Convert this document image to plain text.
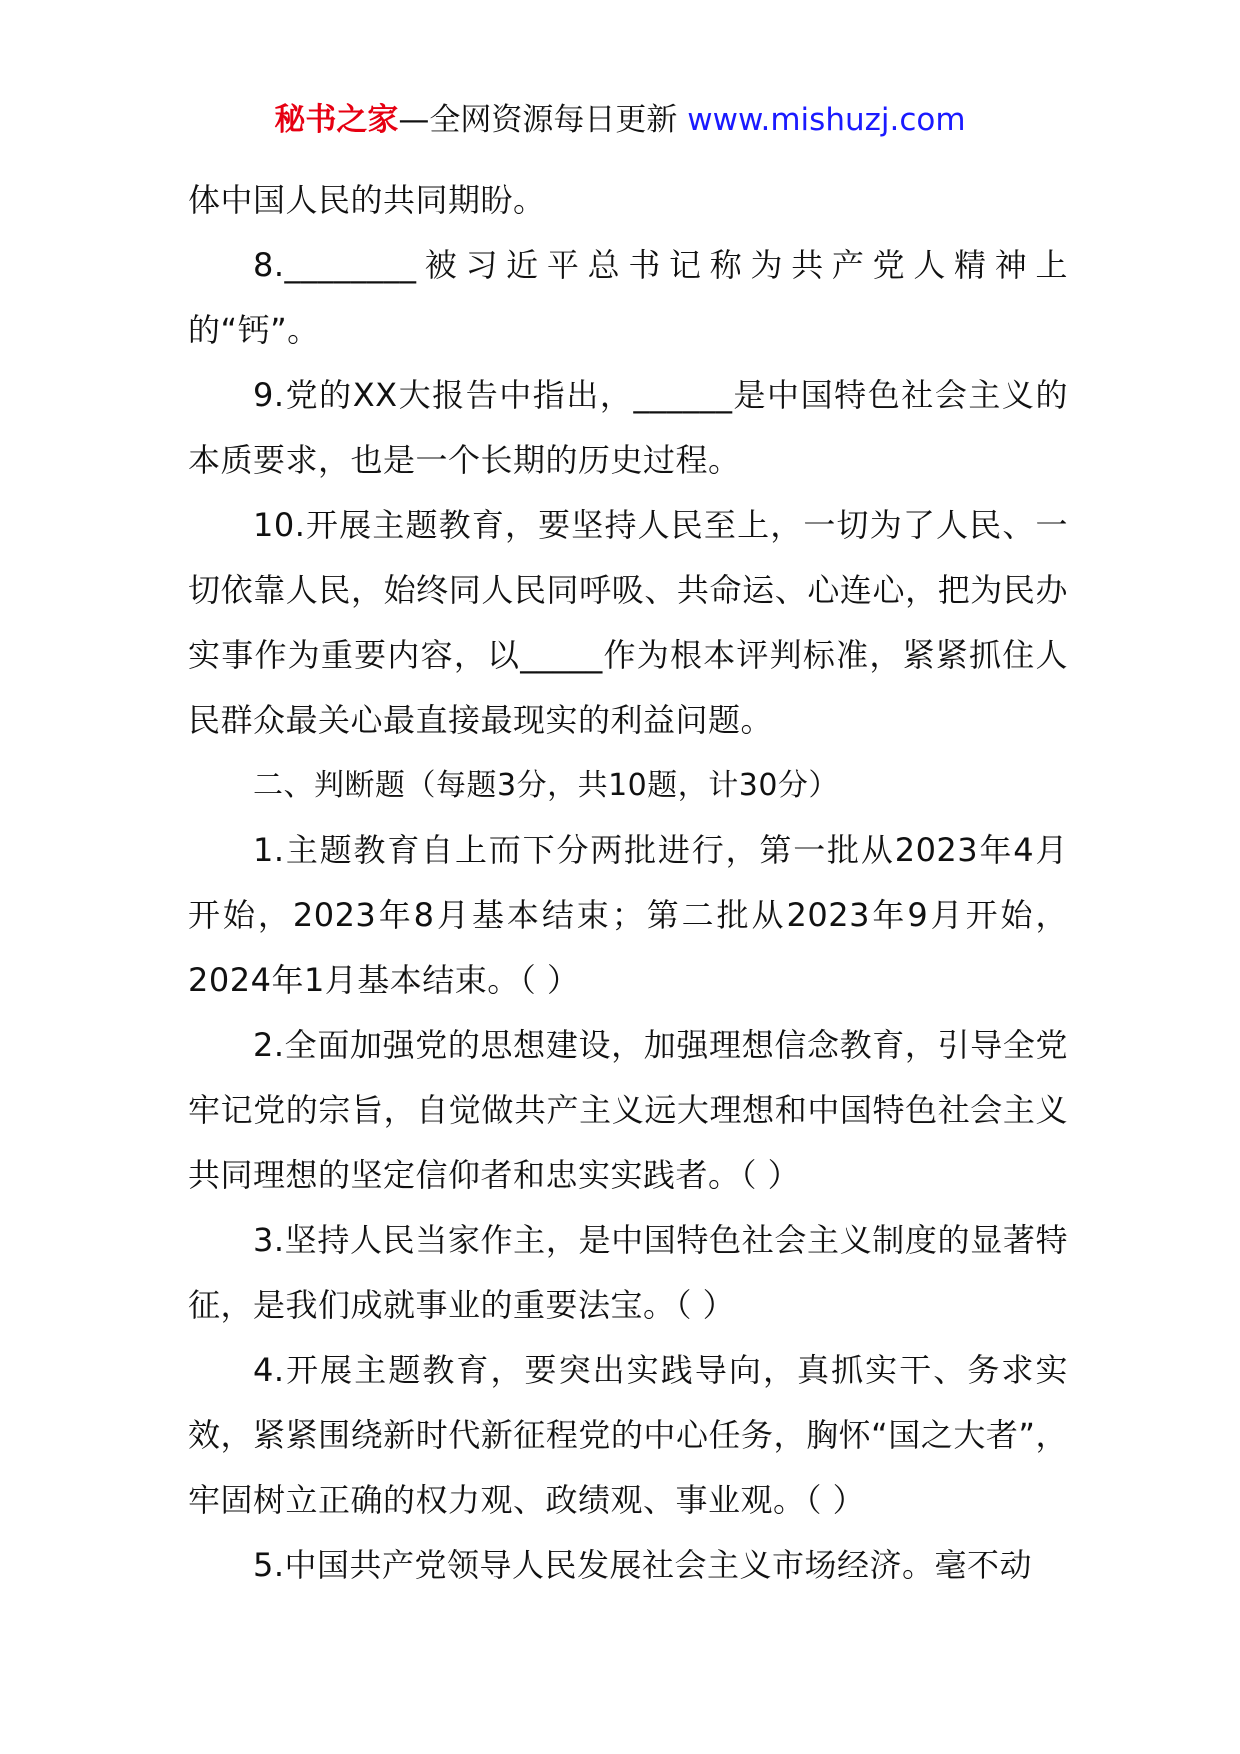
秘书之家—全网资源每日更新 www.mishuzj.com

体中国人民的共同期盼。

8.________被习近平总书记称为共产党人精神上的“钙”。

9.党的XX大报告中指出，______是中国特色社会主义的本质要求，也是一个长期的历史过程。

10.开展主题教育，要坚持人民至上，一切为了人民、一切依靠人民，始终同人民同呼吸、共命运、心连心，把为民办实事作为重要内容，以_____作为根本评判标准，紧紧抓住人民群众最关心最直接最现实的利益问题。

二、判断题（每题3分，共10题，计30分）

1.主题教育自上而下分两批进行，第一批从2023年4月开始，2023年8月基本结束；第二批从2023年9月开始，2024年1月基本结束。（ ）

2.全面加强党的思想建设，加强理想信念教育，引导全党牢记党的宗旨，自觉做共产主义远大理想和中国特色社会主义共同理想的坚定信仰者和忠实实践者。（ ）

3.坚持人民当家作主，是中国特色社会主义制度的显著特征，是我们成就事业的重要法宝。（ ）

4.开展主题教育，要突出实践导向，真抓实干、务求实效，紧紧围绕新时代新征程党的中心任务，胸怀“国之大者”，牢固树立正确的权力观、政绩观、事业观。（ ）

5.中国共产党领导人民发展社会主义市场经济。毫不动
